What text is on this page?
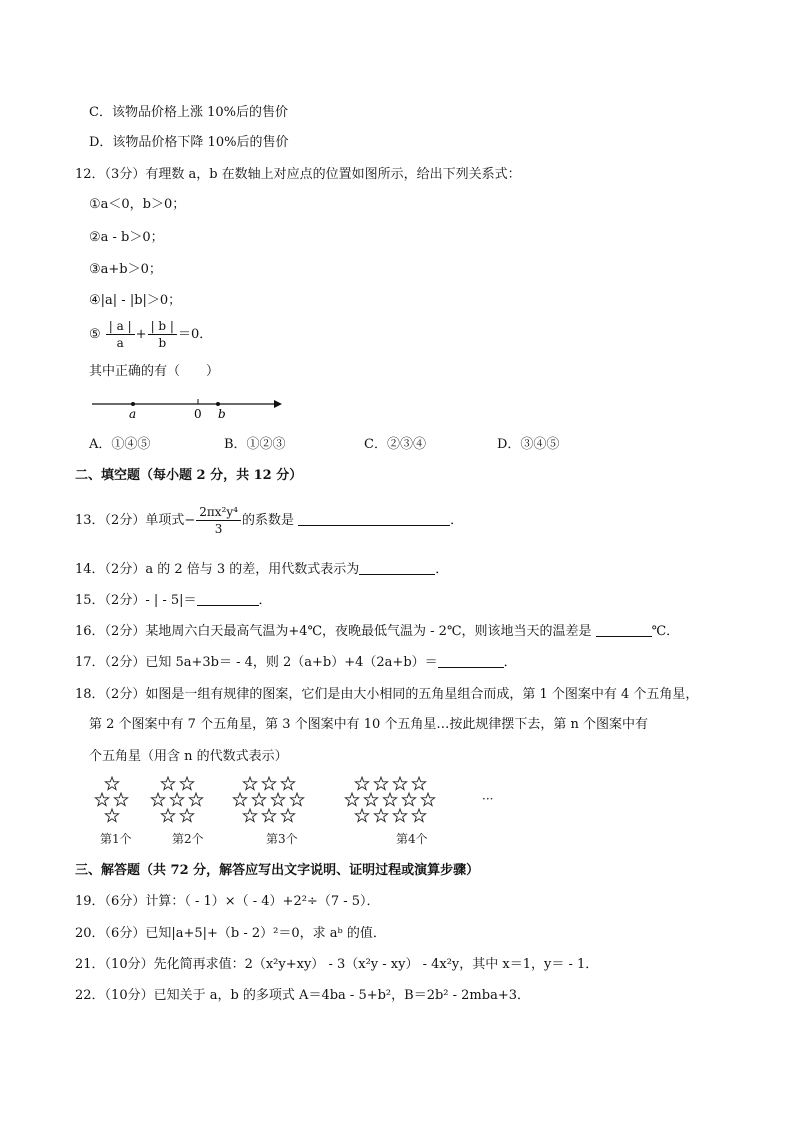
C．该物品价格上涨 10%后的售价
D．该物品价格下降 10%后的售价
12．（3分）有理数 a，b 在数轴上对应点的位置如图所示，给出下列关系式：
①a＜0，b＞0；
②a - b＞0；
③a+b＞0；
④|a| - |b|＞0；
⑤ $\frac{| a |}{a} + \frac{| b |}{b} =0$．
其中正确的有（　　）
a	0 b
A．①④⑤	B．①②③	C．②③④	D．③④⑤
二、填空题（每小题 2 分，共 12 分）
13．（2分）单项式− $\frac{\text{2πx²y⁴}}{3}$ 的系数是	．
14．（2分）a 的 2 倍与 3 的差，用代数式表示为	．
15．（2分）- | - 5|＝	．
16．（2分）某地周六白天最高气温为+4℃，夜晚最低气温为 - 2℃，则该地当天的温差是	℃．
17．（2分）已知 5a+3b＝ - 4，则 2（a+b）+4（2a+b）＝	．
18．（2分）如图是一组有规律的图案，它们是由大小相同的五角星组合而成，第 1 个图案中有 4 个五角星，
第 2 个图案中有 7 个五角星，第 3 个图案中有 10 个五角星…按此规律摆下去，第 n 个图案中有
个五角星（用含 n 的代数式表示）
第1个	第2个	第3个	第4个
···
三、解答题（共 72 分，解答应写出文字说明、证明过程或演算步骤）
19．（6分）计算：（ - 1）×（ - 4）+2²÷（7 - 5）．
20．（6分）已知|a+5|+（b - 2）²＝0，求 aᵇ 的值．
21．（10分）先化简再求值：2（x²y+xy） - 3（x²y - xy） - 4x²y，其中 x＝1，y＝ - 1．
22．（10分）已知关于 a，b 的多项式 A＝4ba - 5+b²，B＝2b² - 2mba+3．
